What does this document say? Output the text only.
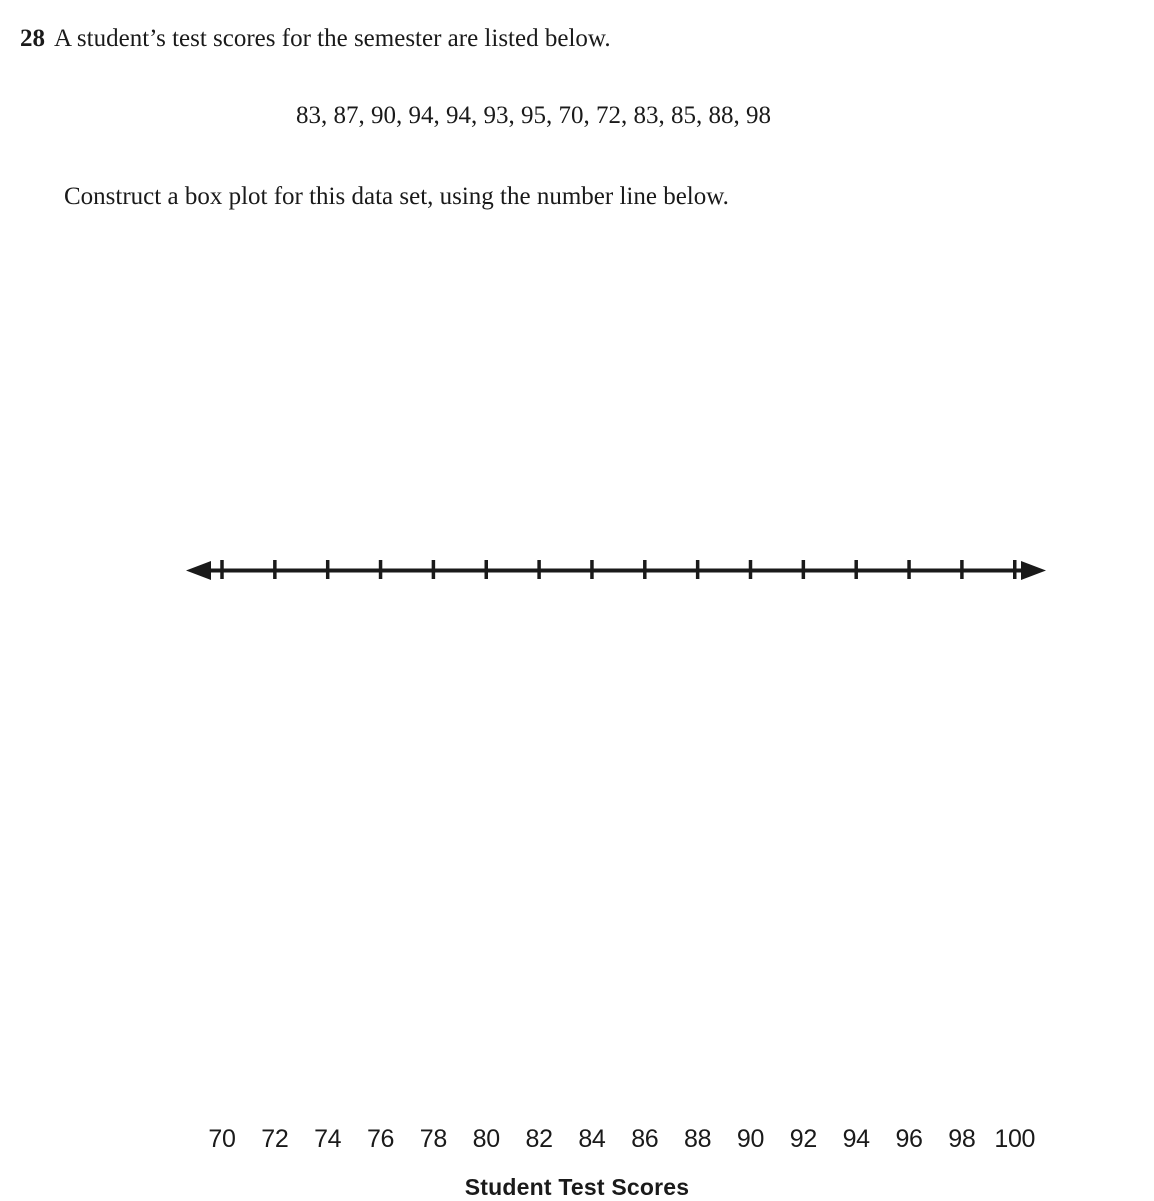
28 A student’s test scores for the semester are listed below.
83, 87, 90, 94, 94, 93, 95, 70, 72, 83, 85, 88, 98
Construct a box plot for this data set, using the number line below.
70 72 74 76 78 80 82 84 86 88 90 92 94 96 98 100
Student Test Scores
